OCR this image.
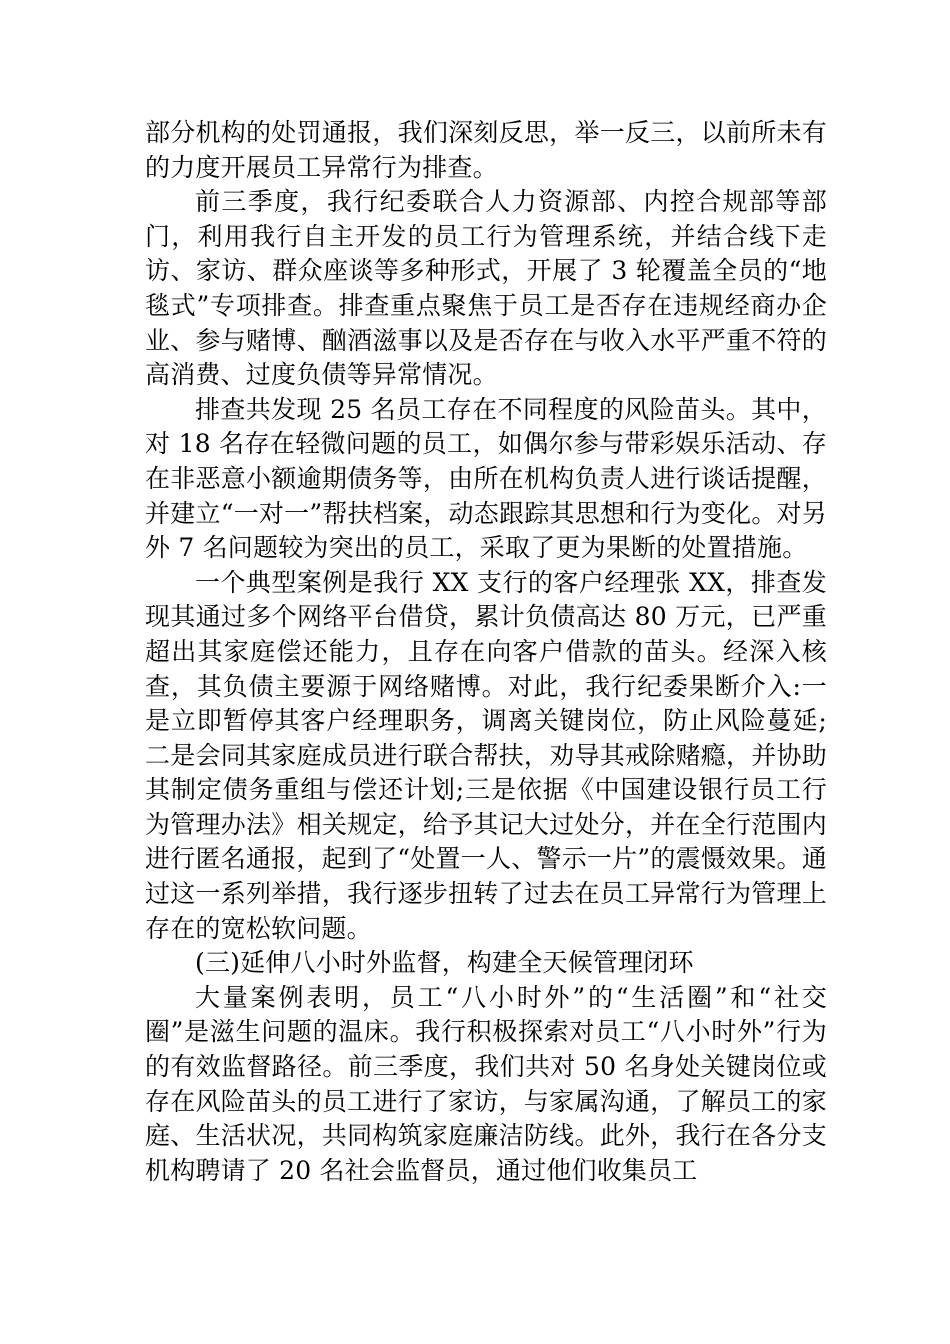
部分机构的处罚通报，我们深刻反思，举一反三，以前所未有的力度开展员工异常行为排查。

前三季度，我行纪委联合人力资源部、内控合规部等部门，利用我行自主开发的员工行为管理系统，并结合线下走访、家访、群众座谈等多种形式，开展了 3 轮覆盖全员的“地毯式”专项排查。排查重点聚焦于员工是否存在违规经商办企业、参与赌博、酗酒滋事以及是否存在与收入水平严重不符的高消费、过度负债等异常情况。

排查共发现 25 名员工存在不同程度的风险苗头。其中，对 18 名存在轻微问题的员工，如偶尔参与带彩娱乐活动、存在非恶意小额逾期债务等，由所在机构负责人进行谈话提醒，并建立“一对一”帮扶档案，动态跟踪其思想和行为变化。对另外 7 名问题较为突出的员工，采取了更为果断的处置措施。

一个典型案例是我行 XX 支行的客户经理张 XX，排查发现其通过多个网络平台借贷，累计负债高达 80 万元，已严重超出其家庭偿还能力，且存在向客户借款的苗头。经深入核查，其负债主要源于网络赌博。对此，我行纪委果断介入:一是立即暂停其客户经理职务，调离关键岗位，防止风险蔓延;二是会同其家庭成员进行联合帮扶，劝导其戒除赌瘾，并协助其制定债务重组与偿还计划;三是依据《中国建设银行员工行为管理办法》相关规定，给予其记大过处分，并在全行范围内进行匿名通报，起到了“处置一人、警示一片”的震慑效果。通过这一系列举措，我行逐步扭转了过去在员工异常行为管理上存在的宽松软问题。

(三)延伸八小时外监督，构建全天候管理闭环

大量案例表明，员工“八小时外”的“生活圈”和“社交圈”是滋生问题的温床。我行积极探索对员工“八小时外”行为的有效监督路径。前三季度，我们共对 50 名身处关键岗位或存在风险苗头的员工进行了家访，与家属沟通，了解员工的家庭、生活状况，共同构筑家庭廉洁防线。此外，我行在各分支机构聘请了 20 名社会监督员，通过他们收集员工
